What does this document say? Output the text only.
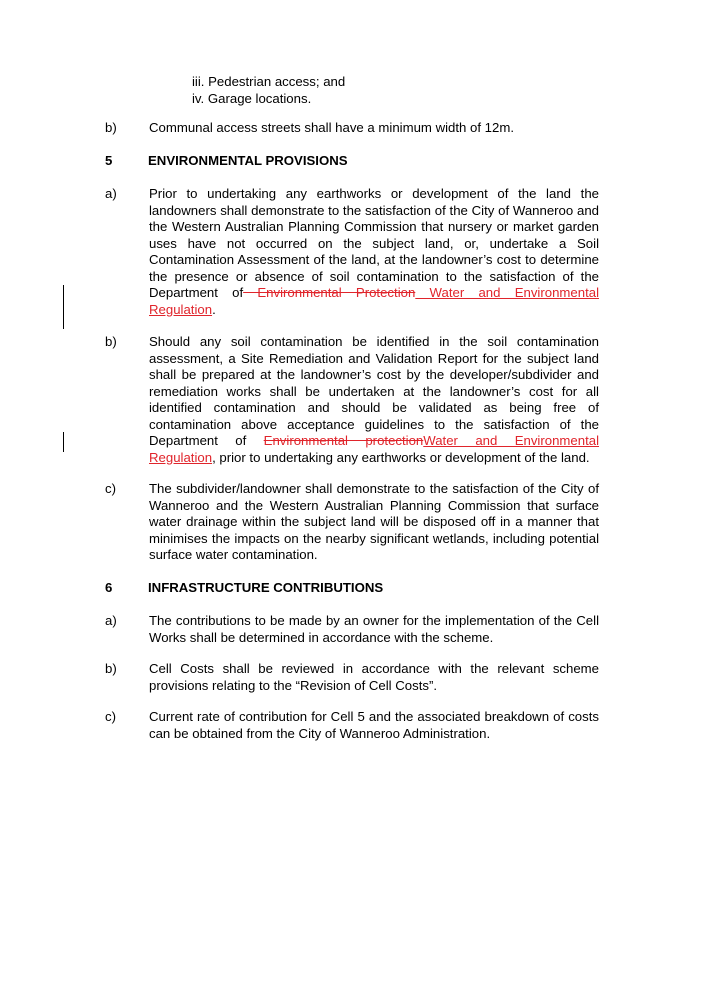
iii. Pedestrian access; and
iv. Garage locations.
b)	Communal access streets shall have a minimum width of 12m.
5	ENVIRONMENTAL PROVISIONS
a)	Prior to undertaking any earthworks or development of the land the landowners shall demonstrate to the satisfaction of the City of Wanneroo and the Western Australian Planning Commission that nursery or market garden uses have not occurred on the subject land, or, undertake a Soil Contamination Assessment of the land, at the landowner’s cost to determine the presence or absence of soil contamination to the satisfaction of the Department of Environmental Protection Water and Environmental Regulation.
b)	Should any soil contamination be identified in the soil contamination assessment, a Site Remediation and Validation Report for the subject land shall be prepared at the landowner’s cost by the developer/subdivider and remediation works shall be undertaken at the landowner’s cost for all identified contamination and should be validated as being free of contamination above acceptance guidelines to the satisfaction of the Department of Environmental protectionWater and Environmental Regulation, prior to undertaking any earthworks or development of the land.
c)	The subdivider/landowner shall demonstrate to the satisfaction of the City of Wanneroo and the Western Australian Planning Commission that surface water drainage within the subject land will be disposed off in a manner that minimises the impacts on the nearby significant wetlands, including potential surface water contamination.
6	INFRASTRUCTURE CONTRIBUTIONS
a)	The contributions to be made by an owner for the implementation of the Cell Works shall be determined in accordance with the scheme.
b)	Cell Costs shall be reviewed in accordance with the relevant scheme provisions relating to the “Revision of Cell Costs”.
c)	Current rate of contribution for Cell 5 and the associated breakdown of costs can be obtained from the City of Wanneroo Administration.
